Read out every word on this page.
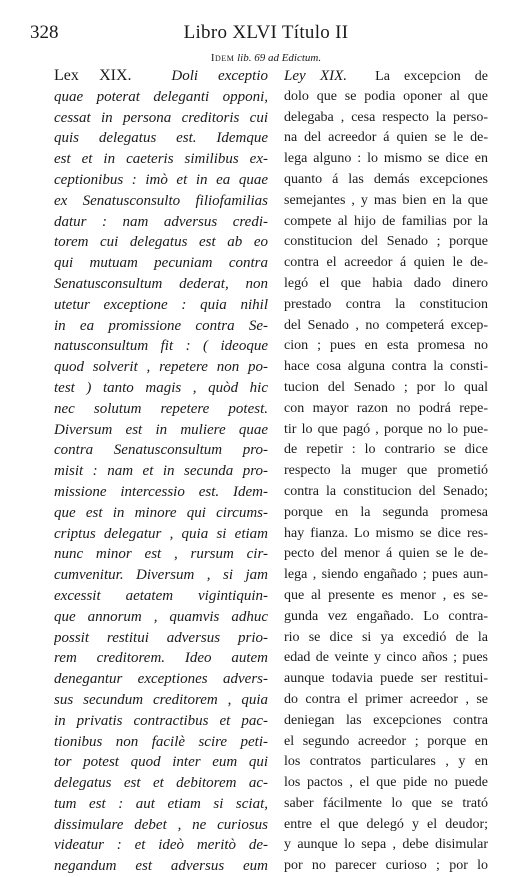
328	Libro XLVI Título II
Idem lib. 69 ad Edictum.
Lex XIX.	Doli exceptio
quae poterat deleganti opponi,
cessat in persona creditoris cui
quis delegatus est. Idemque
est et in caeteris similibus ex-
ceptionibus : imò et in ea quae
ex Senatusconsulto filiofamilias
datur : nam adversus credi-
torem cui delegatus est ab eo
qui mutuam pecuniam contra
Senatusconsultum dederat, non
utetur exceptione : quia nihil
in ea promissione contra Se-
natusconsultum fit : ( ideoque
quod solverit , repetere non po-
test ) tanto magis , quòd hic
nec solutum repetere potest.
Diversum est in muliere quae
contra Senatusconsultum pro-
misit : nam et in secunda pro-
missione intercessio est. Idem-
que est in minore qui circums-
criptus delegatur , quia si etiam
nunc minor est , rursum cir-
cumvenitur. Diversum , si jam
excessit aetatem vigintiquin-
que annorum , quamvis adhuc
possit restitui adversus prio-
rem creditorem. Ideo autem
denegantur exceptiones advers-
sus secundum creditorem , quia
in privatis contractibus et pac-
tionibus non facilè scire peti-
tor potest quod inter eum qui
delegatus est et debitorem ac-
tum est : aut etiam si sciat,
dissimulare debet , ne curiosus
videatur : et ideò meritò de-
negandum est adversus eum
Ley XIX. La excepcion de
dolo que se podia oponer al que
delegaba , cesa respecto la perso-
na del acreedor á quien se le de-
lega alguno : lo mismo se dice en
quanto á las demás excepciones
semejantes , y mas bien en la que
compete al hijo de familias por la
constitucion del Senado ; porque
contra el acreedor á quien le de-
legó el que habia dado dinero
prestado contra la constitucion
del Senado , no competerá excep-
cion ; pues en esta promesa no
hace cosa alguna contra la consti-
tucion del Senado ; por lo qual
con mayor razon no podrá repe-
tir lo que pagó , porque no lo pue-
de repetir : lo contrario se dice
respecto la muger que prometió
contra la constitucion del Senado;
porque en la segunda promesa
hay fianza. Lo mismo se dice res-
pecto del menor á quien se le de-
lega , siendo engañado ; pues aun-
que al presente es menor , es se-
gunda vez engañado. Lo contra-
rio se dice si ya excedió de la
edad de veinte y cinco años ; pues
aunque todavia puede ser restitui-
do contra el primer acreedor , se
deniegan las excepciones contra
el segundo acreedor ; porque en
los contratos particulares , y en
los pactos , el que pide no puede
saber fácilmente lo que se trató
entre el que delegó y el deudor;
y aunque lo sepa , debe disimular
por no parecer curioso ; por lo
